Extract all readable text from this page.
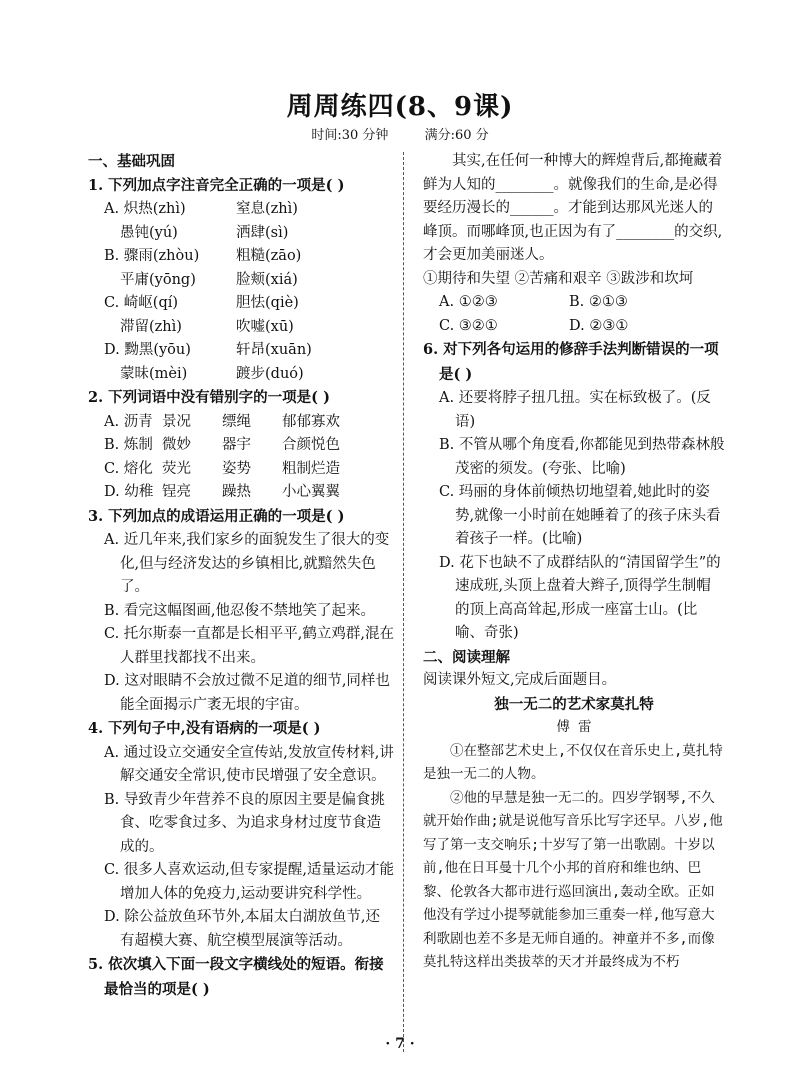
周周练四(8、9课)
时间:30 分钟	满分:60 分
一、基础巩固
1. 下列加点字注音完全正确的一项是( )
A. 炽热(zhì)	窒息(zhì)
愚钝(yú)	洒肆(sì)
B. 骤雨(zhòu)	粗糙(zāo)
平庸(yōng)	脸颊(xiá)
C. 崎岖(qí)	胆怯(qiè)
滞留(zhì)	吹嘘(xū)
D. 黝黑(yōu)	轩昂(xuān)
蒙昧(mèi)	踱步(duó)
2. 下列词语中没有错别字的一项是( )
A. 沥青 景况	缥绳	郁郁寡欢
B. 炼制 微妙	器宇	合颜悦色
C. 熔化 荧光	姿势	粗制烂造
D. 幼稚 锃亮	躁热	小心翼翼
3. 下列加点的成语运用正确的一项是( )
A. 近几年来,我们家乡的面貌发生了很大的变化,但与经济发达的乡镇相比,就黯然失色了。
B. 看完这幅图画,他忍俊不禁地笑了起来。
C. 托尔斯泰一直都是长相平平,鹤立鸡群,混在人群里找都找不出来。
D. 这对眼睛不会放过微不足道的细节,同样也能全面揭示广袤无垠的宇宙。
4. 下列句子中,没有语病的一项是( )
A. 通过设立交通安全宣传站,发放宣传材料,讲解交通安全常识,使市民增强了安全意识。
B. 导致青少年营养不良的原因主要是偏食挑食、吃零食过多、为追求身材过度节食造成的。
C. 很多人喜欢运动,但专家提醒,适量运动才能增加人体的免疫力,运动要讲究科学性。
D. 除公益放鱼环节外,本届太白湖放鱼节,还有超模大赛、航空模型展演等活动。
5. 依次填入下面一段文字横线处的短语。衔接最恰当的项是( )
其实,在任何一种博大的辉煌背后,都掩藏着鲜为人知的________。就像我们的生命,是必得要经历漫长的______。才能到达那风光迷人的峰顶。而哪峰顶,也正因为有了________的交织,才会更加美丽迷人。
①期待和失望 ②苦痛和艰辛 ③跋涉和坎坷
A. ①②③	B. ②①③
C. ③②①	D. ②③①
6. 对下列各句运用的修辞手法判断错误的一项是( )
A. 还要将脖子扭几扭。实在标致极了。(反语)
B. 不管从哪个角度看,你都能见到热带森林般茂密的须发。(夸张、比喻)
C. 玛丽的身体前倾热切地望着,她此时的姿势,就像一小时前在她睡着了的孩子床头看着孩子一样。(比喻)
D. 花下也缺不了成群结队的“清国留学生”的速成班,头顶上盘着大辫子,顶得学生制帽的顶上高高耸起,形成一座富士山。(比喻、奇张)
二、阅读理解
阅读课外短文,完成后面题目。
独一无二的艺术家莫扎特
傅 雷
①在整部艺术史上,不仅仅在音乐史上,莫扎特是独一无二的人物。
②他的早慧是独一无二的。四岁学钢琴,不久就开始作曲;就是说他写音乐比写字还早。八岁,他写了第一支交响乐;十岁写了第一出歌剧。十岁以前,他在日耳曼十几个小邦的首府和维也纳、巴黎、伦敦各大都市进行巡回演出,轰动全欧。正如他没有学过小提琴就能参加三重奏一样,他写意大利歌剧也差不多是无师自通的。神童并不多,而像莫扎特这样出类拔萃的天才并最终成为不朽
· 7 ·
